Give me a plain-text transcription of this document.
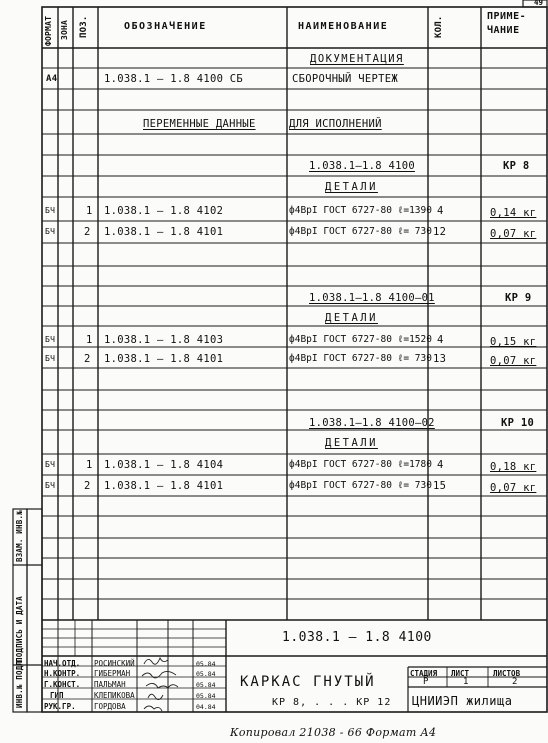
49
ФОРМАТ ЗОНА ПОЗ.	ОБОЗНАЧЕНИЕ	НАИМЕНОВАНИЕ	КОЛ.	ПРИМЕ-
ЧАНИЕ
ДОКУМЕНТАЦИЯ
А4	1.038.1 – 1.8 4100 СБ	СБОРОЧНЫЙ ЧЕРТЕЖ
ПЕРЕМЕННЫЕ ДАННЫЕ	ДЛЯ ИСПОЛНЕНИЙ
1.038.1–1.8 4100	КР 8
ДЕТАЛИ
БЧ	1 1.038.1 – 1.8 4102	ф4ВрI ГОСТ 6727-80 ℓ=1390 4	0,14 кг
БЧ	2 1.038.1 – 1.8 4101	ф4ВрI ГОСТ 6727-80 ℓ= 730 12	0,07 кг
1.038.1–1.8 4100–01	КР 9
ДЕТАЛИ
БЧ	1 1.038.1 – 1.8 4103	ф4ВрI ГОСТ 6727-80 ℓ=1520 4	0,15 кг
БЧ	2 1.038.1 – 1.8 4101	ф4ВрI ГОСТ 6727-80 ℓ= 730 13	0,07 кг
1.038.1–1.8 4100–02	КР 10
ДЕТАЛИ
БЧ	1 1.038.1 – 1.8 4104	ф4ВрI ГОСТ 6727-80 ℓ=1780 4	0,18 кг
БЧ	2 1.038.1 – 1.8 4101	ф4ВрI ГОСТ 6727-80 ℓ= 730 15	0,07 кг
ИНВ.№ ПОДЛ.
ПОДПИСЬ И ДАТА
ВЗАМ. ИНВ.№
1.038.1 – 1.8 4100
КАРКАС ГНУТЫЙ
КР 8, . . . КР 12
СТАДИЯ ЛИСТ	ЛИСТОВ
Р	1	2
ЦНИИЭП жилища
НАЧ.ОТД. РОСИНСКИЙ	05.84
Н.КОНТР. ГИБЕРМАН	05.84
Г.КОНСТ. ПАЛЬМАН	05.84
ГИП	КЛЕПИКОВА	05.84
РУК.ГР. ГОРДОВА	04.84
Копировал 21038 - 66 Формат А4
